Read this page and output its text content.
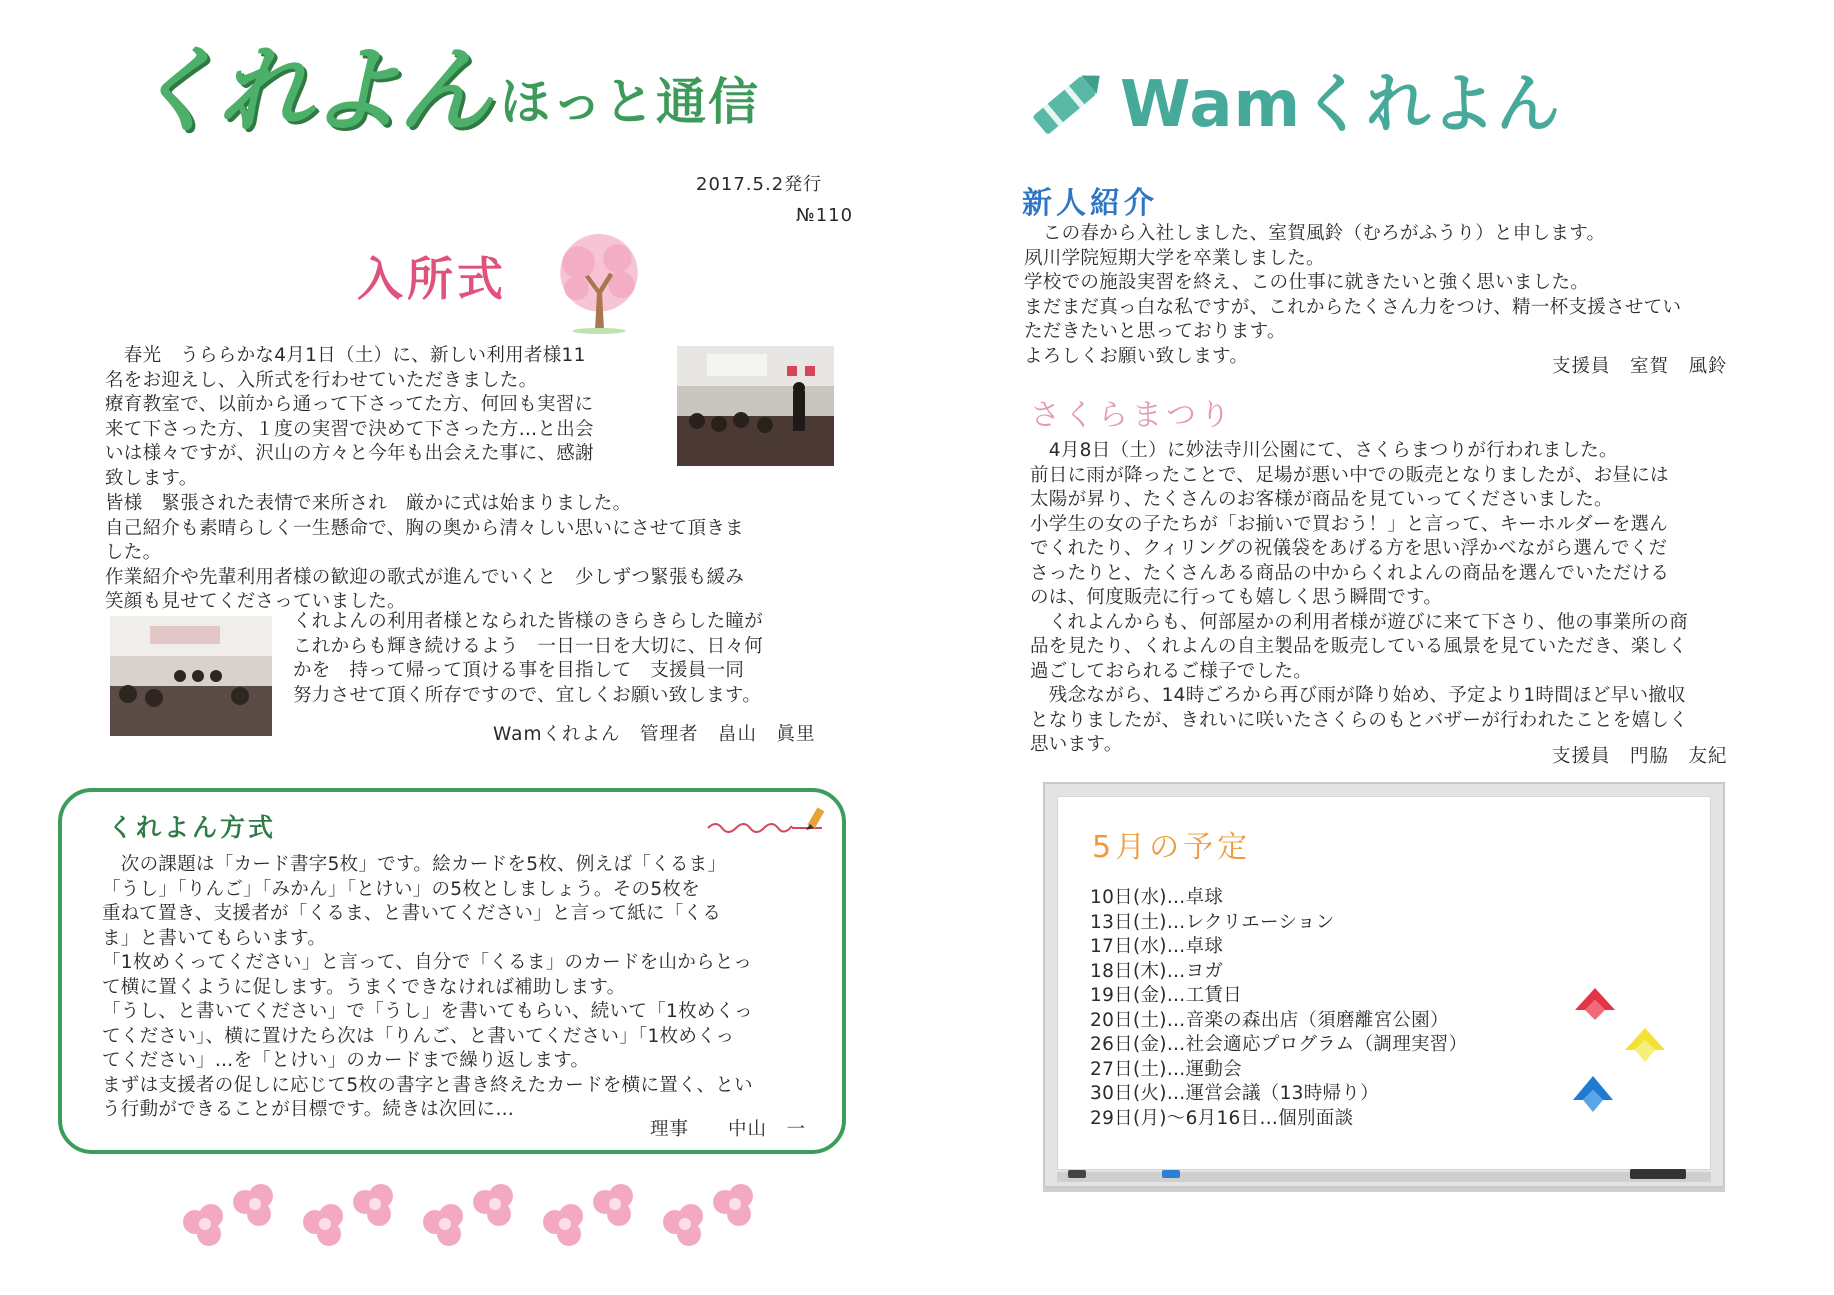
くれよん ほっと通信
2017.5.2発行
№110
入所式
　春光　うららかな4月1日（土）に、新しい利用者様11
名をお迎えし、入所式を行わせていただきました。
療育教室で、以前から通って下さってた方、何回も実習に
来て下さった方、１度の実習で決めて下さった方…と出会
いは様々ですが、沢山の方々と今年も出会えた事に、感謝
致します。
皆様　緊張された表情で来所され　厳かに式は始まりました。
自己紹介も素晴らしく一生懸命で、胸の奥から清々しい思いにさせて頂きま
した。
作業紹介や先輩利用者様の歓迎の歌式が進んでいくと　少しずつ緊張も緩み
笑顔も見せてくださっていました。
くれよんの利用者様となられた皆様のきらきらした瞳が
これからも輝き続けるよう　一日一日を大切に、日々何
かを　持って帰って頂ける事を目指して　支援員一同
努力させて頂く所存ですので、宜しくお願い致します。
Wamくれよん　管理者　畠山　眞里
くれよん方式
　次の課題は「カード書字5枚」です。絵カードを5枚、例えば「くるま」
「うし」「りんご」「みかん」「とけい」の5枚としましょう。その5枚を
重ねて置き、支援者が「くるま、と書いてください」と言って紙に「くる
ま」と書いてもらいます。
「1枚めくってください」と言って、自分で「くるま」のカードを山からとっ
て横に置くように促します。うまくできなければ補助します。
「うし、と書いてください」で「うし」を書いてもらい、続いて「1枚めくっ
てください」、横に置けたら次は「りんご、と書いてください」「1枚めくっ
てください」…を「とけい」のカードまで繰り返します。
まずは支援者の促しに応じて5枚の書字と書き終えたカードを横に置く、とい
う行動ができることが目標です。続きは次回に…
理事　　中山　一
Wamくれよん
新人紹介
　この春から入社しました、室賀風鈴（むろがふうり）と申します。
夙川学院短期大学を卒業しました。
学校での施設実習を終え、この仕事に就きたいと強く思いました。
まだまだ真っ白な私ですが、これからたくさん力をつけ、精一杯支援させてい
ただきたいと思っております。
よろしくお願い致します。	支援員　室賀　風鈴
さくらまつり
　4月8日（土）に妙法寺川公園にて、さくらまつりが行われました。
前日に雨が降ったことで、足場が悪い中での販売となりましたが、お昼には
太陽が昇り、たくさんのお客様が商品を見ていってくださいました。
小学生の女の子たちが「お揃いで買おう！」と言って、キーホルダーを選ん
でくれたり、クィリングの祝儀袋をあげる方を思い浮かべながら選んでくだ
さったりと、たくさんある商品の中からくれよんの商品を選んでいただける
のは、何度販売に行っても嬉しく思う瞬間です。
　くれよんからも、何部屋かの利用者様が遊びに来て下さり、他の事業所の商
品を見たり、くれよんの自主製品を販売している風景を見ていただき、楽しく
過ごしておられるご様子でした。
　残念ながら、14時ごろから再び雨が降り始め、予定より1時間ほど早い撤収
となりましたが、きれいに咲いたさくらのもとバザーが行われたことを嬉しく
思います。
支援員　門脇　友紀
5月の予定

10日(水)…卓球

13日(土)…レクリエーション

17日(水)…卓球

18日(木)…ヨガ

19日(金)…工賃日

20日(土)…音楽の森出店（須磨離宮公園）

26日(金)…社会適応プログラム（調理実習）

27日(土)…運動会

30日(火)…運営会議（13時帰り）

29日(月)～6月16日…個別面談
